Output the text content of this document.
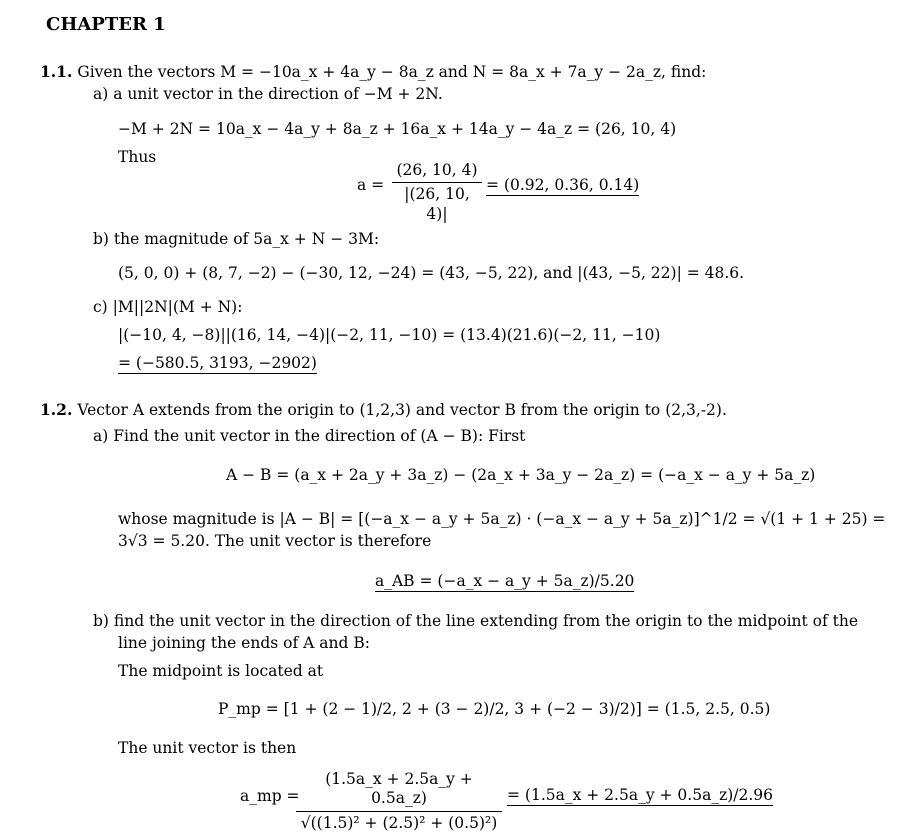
CHAPTER 1
1.1. Given the vectors M = −10a_x + 4a_y − 8a_z and N = 8a_x + 7a_y − 2a_z, find:
a) a unit vector in the direction of −M + 2N.
−M + 2N = 10a_x − 4a_y + 8a_z + 16a_x + 14a_y − 4a_z = (26, 10, 4)
Thus
a =
(26, 10, 4)
|(26, 10, 4)|
= (0.92, 0.36, 0.14)
b) the magnitude of 5a_x + N − 3M:
(5, 0, 0) + (8, 7, −2) − (−30, 12, −24) = (43, −5, 22), and |(43, −5, 22)| = 48.6.
c) |M||2N|(M + N):
|(−10, 4, −8)||(16, 14, −4)|(−2, 11, −10) = (13.4)(21.6)(−2, 11, −10)
= (−580.5, 3193, −2902)
1.2. Vector A extends from the origin to (1,2,3) and vector B from the origin to (2,3,-2).
a) Find the unit vector in the direction of (A − B): First
A − B = (a_x + 2a_y + 3a_z) − (2a_x + 3a_y − 2a_z) = (−a_x − a_y + 5a_z)
whose magnitude is |A − B| = [(−a_x − a_y + 5a_z) · (−a_x − a_y + 5a_z)]^1/2 = √(1 + 1 + 25) =
3√3 = 5.20. The unit vector is therefore
a_AB = (−a_x − a_y + 5a_z)/5.20
b) find the unit vector in the direction of the line extending from the origin to the midpoint of the
line joining the ends of A and B:
The midpoint is located at
P_mp = [1 + (2 − 1)/2, 2 + (3 − 2)/2, 3 + (−2 − 3)/2)] = (1.5, 2.5, 0.5)
The unit vector is then
a_mp =
(1.5a_x + 2.5a_y + 0.5a_z)
√((1.5)² + (2.5)² + (0.5)²)
= (1.5a_x + 2.5a_y + 0.5a_z)/2.96
